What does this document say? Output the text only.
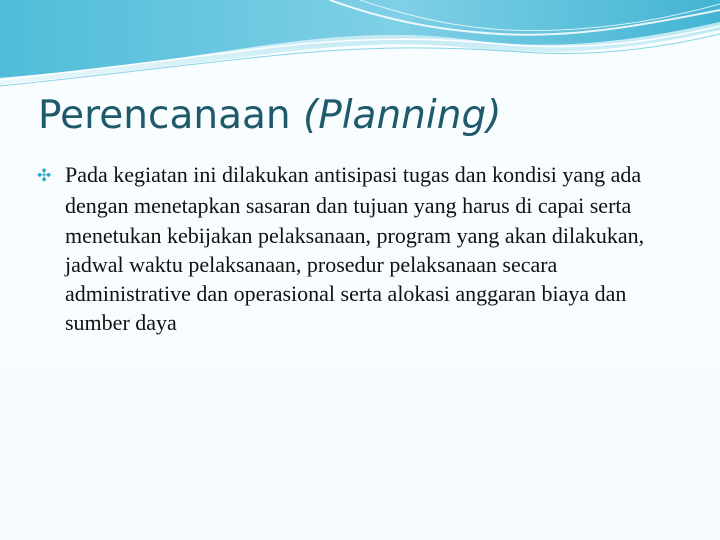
Perencanaan (Planning)

✣ Pada kegiatan ini dilakukan antisipasi tugas dan kondisi yang ada dengan menetapkan sasaran dan tujuan yang harus di capai serta menetukan kebijakan pelaksanaan, program yang akan dilakukan, jadwal waktu pelaksanaan, prosedur pelaksanaan secara administrative dan operasional serta alokasi anggaran biaya dan sumber daya
